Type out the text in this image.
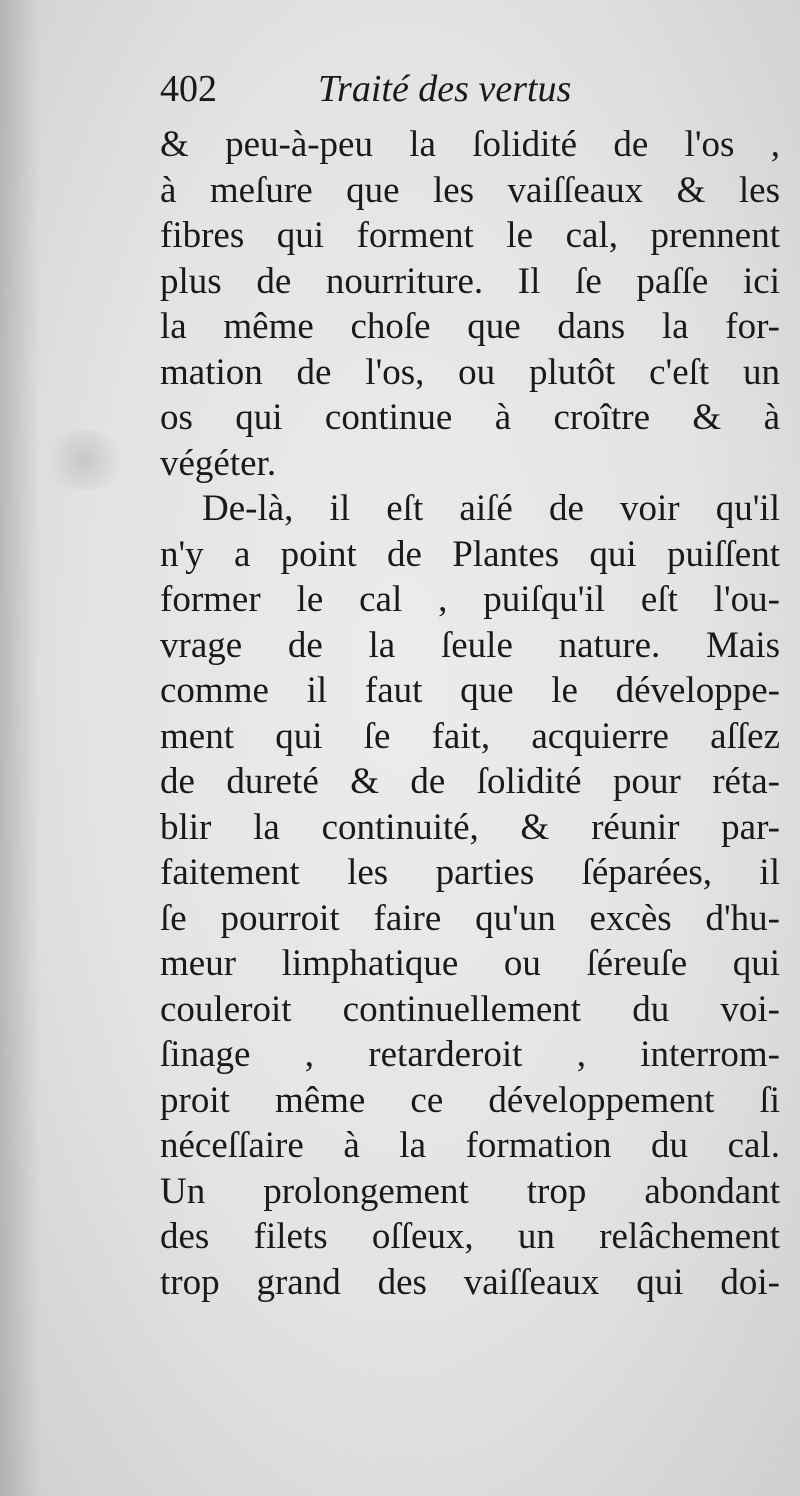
402	Traité des vertus
& peu-à-peu la ſolidité de l'os ,
à meſure que les vaiſſeaux & les
fibres qui forment le cal, prennent
plus de nourriture. Il ſe paſſe ici
la même choſe que dans la for-
mation de l'os, ou plutôt c'eſt un
os qui continue à croître & à
végéter.
De-là, il eſt aiſé de voir qu'il
n'y a point de Plantes qui puiſſent
former le cal , puiſqu'il eſt l'ou-
vrage de la ſeule nature. Mais
comme il faut que le développe-
ment qui ſe fait, acquierre aſſez
de dureté & de ſolidité pour réta-
blir la continuité, & réunir par-
faitement les parties ſéparées, il
ſe pourroit faire qu'un excès d'hu-
meur limphatique ou ſéreuſe qui
couleroit continuellement du voi-
ſinage , retarderoit , interrom-
proit même ce développement ſi
néceſſaire à la formation du cal.
Un prolongement trop abondant
des filets oſſeux, un relâchement
trop grand des vaiſſeaux qui doi-
